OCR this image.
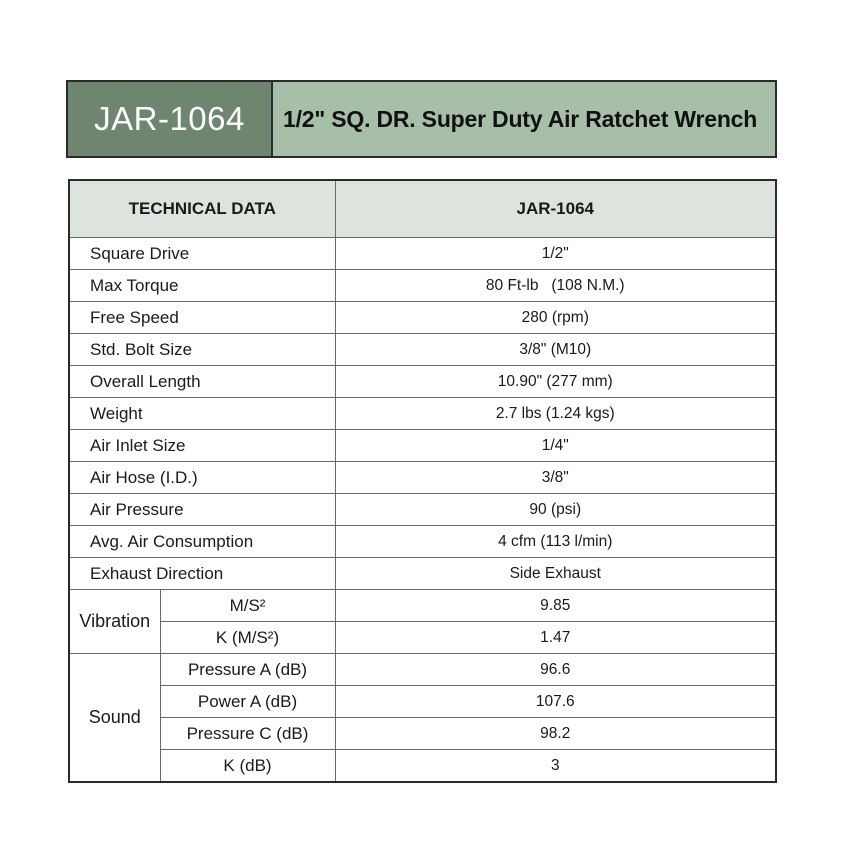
JAR-1064	1/2" SQ. DR. Super Duty Air Ratchet Wrench
TECHNICAL DATA		JAR-1064
Square Drive		1/2"
Max Torque		80 Ft-lb   (108 N.M.)
Free Speed		280 (rpm)
Std. Bolt Size		3/8" (M10)
Overall Length		10.90" (277 mm)
Weight		2.7 lbs (1.24 kgs)
Air Inlet Size		1/4"
Air Hose (I.D.)		3/8"
Air Pressure		90 (psi)
Avg. Air Consumption		4 cfm (113 l/min)
Exhaust Direction		Side Exhaust
Vibration	M/S²	9.85
	K (M/S²)	1.47
Sound	Pressure A (dB)	96.6
	Power A (dB)	107.6
	Pressure C (dB)	98.2
	K (dB)	3
